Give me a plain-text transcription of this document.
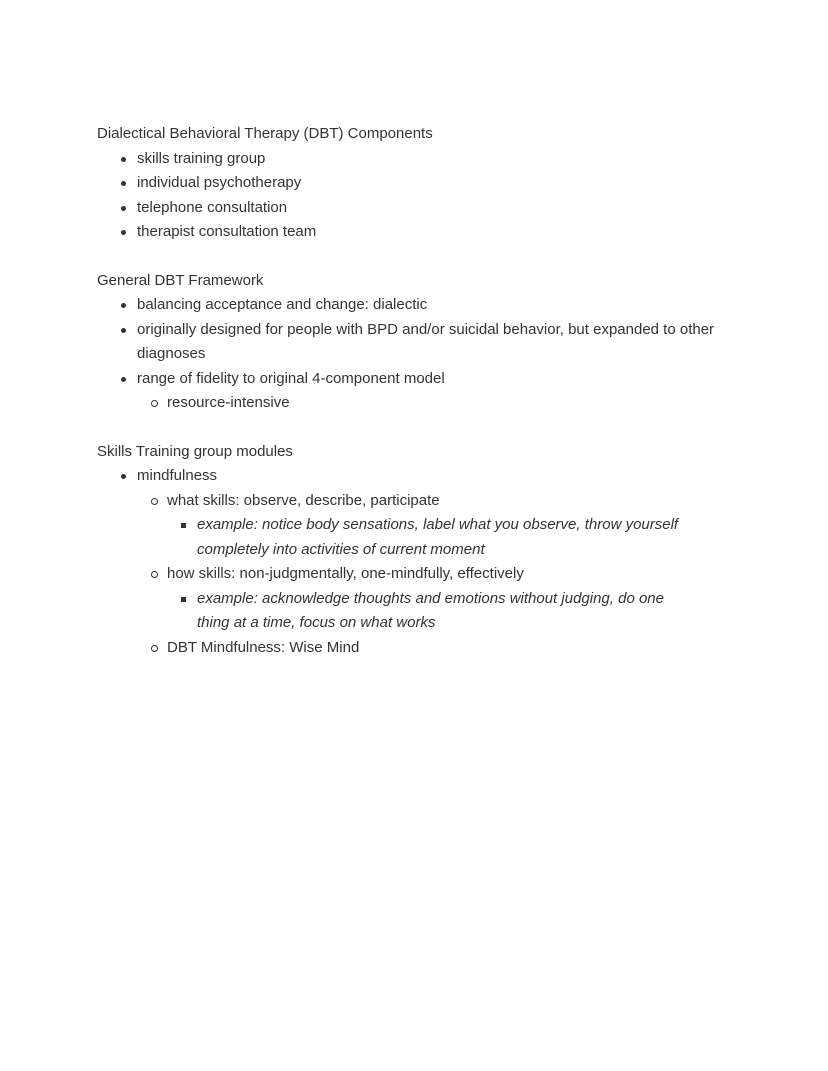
Dialectical Behavioral Therapy (DBT) Components
skills training group
individual psychotherapy
telephone consultation
therapist consultation team
General DBT Framework
balancing acceptance and change: dialectic
originally designed for people with BPD and/or suicidal behavior, but expanded to other diagnoses
range of fidelity to original 4-component model
resource-intensive
Skills Training group modules
mindfulness
what skills: observe, describe, participate
example: notice body sensations, label what you observe, throw yourself completely into activities of current moment
how skills: non-judgmentally, one-mindfully, effectively
example: acknowledge thoughts and emotions without judging, do one thing at a time, focus on what works
DBT Mindfulness: Wise Mind
